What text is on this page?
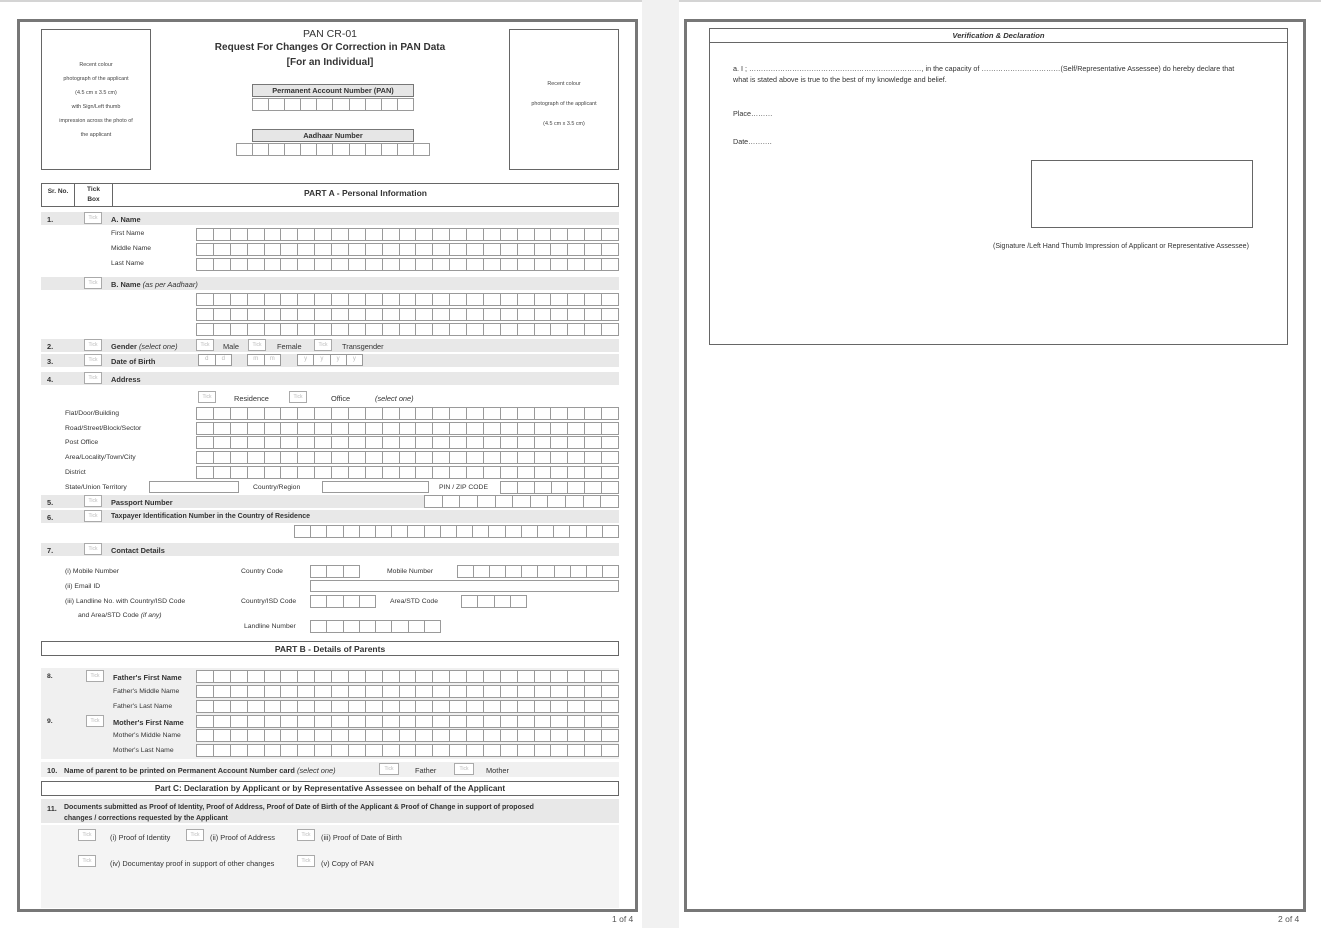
Recent colour
photograph of the applicant
(4.5 cm x 3.5 cm)
with Sign/Left thumb
impression across the photo of
the applicant
Recent colour
photograph of the applicant
(4.5 cm x 3.5 cm)
PAN CR-01
Request For Changes Or Correction in PAN Data
[For an Individual]
Permanent Account Number (PAN)
Aadhaar Number
Sr. No.	Tick
Box
PART A - Personal Information
1.	Tick	A. Name
First Name
Middle Name
Last Name
Tick	B. Name (as per Aadhaar)
2.	Tick	Gender (select one)	Tick	Male	Tick	Female	Tick	Transgender
3.	Tick	Date of Birth	d	d	m	m	y	y	y	y
4.	Tick	Address
Tick	Residence	Tick	Office	(select one)
Flat/Door/Building
Road/Street/Block/Sector
Post Office
Area/Locality/Town/City
District
State/Union Territory	Country/Region	PIN / ZIP CODE
5.	Tick	Passport Number
6.	Tick	Taxpayer Identification Number in the Country of Residence
7.	Tick	Contact Details
(i) Mobile Number
(ii) Email ID
(iii) Landline No. with Country/ISD Code
and Area/STD Code (if any)
Country Code	Mobile Number
Country/ISD Code	Area/STD Code
Landline Number
PART B - Details of Parents
8.	Tick	Father's First Name
Father's Middle Name
Father's Last Name
9.	Tick	Mother's First Name
Mother's Middle Name
Mother's Last Name
10. Name of parent to be printed on Permanent Account Number card (select one)	Tick	Father	Tick	Mother
Part C: Declaration by Applicant or by Representative Assessee on behalf of the Applicant
11. Documents submitted as Proof of Identity, Proof of Address, Proof of Date of Birth of the Applicant & Proof of Change in support of proposed
changes / corrections requested by the Applicant
Tick	(i) Proof of Identity	Tick	(ii) Proof of Address	Tick	(iii) Proof of Date of Birth
Tick	(iv) Documentay proof in support of other changes	Tick	(v) Copy of PAN
1 of 4
Verification & Declaration
a. I ; ………………………………………………………………, in the capacity of ……………………………(Self/Representative Assessee) do hereby declare that
what is stated above is true to the best of my knowledge and belief.
Place………
Date……….
(Signature /Left Hand Thumb Impression of Applicant or Representative Assessee)
2 of 4
